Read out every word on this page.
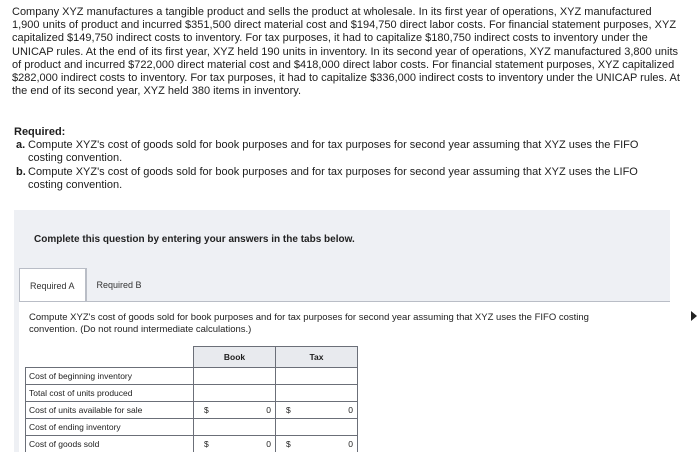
Company XYZ manufactures a tangible product and sells the product at wholesale. In its first year of operations, XYZ manufactured 1,900 units of product and incurred $351,500 direct material cost and $194,750 direct labor costs. For financial statement purposes, XYZ capitalized $149,750 indirect costs to inventory. For tax purposes, it had to capitalize $180,750 indirect costs to inventory under the UNICAP rules. At the end of its first year, XYZ held 190 units in inventory. In its second year of operations, XYZ manufactured 3,800 units of product and incurred $722,000 direct material cost and $418,000 direct labor costs. For financial statement purposes, XYZ capitalized $282,000 indirect costs to inventory. For tax purposes, it had to capitalize $336,000 indirect costs to inventory under the UNICAP rules. At the end of its second year, XYZ held 380 items in inventory.
Required:
a. Compute XYZ's cost of goods sold for book purposes and for tax purposes for second year assuming that XYZ uses the FIFO costing convention.
b. Compute XYZ's cost of goods sold for book purposes and for tax purposes for second year assuming that XYZ uses the LIFO costing convention.
Complete this question by entering your answers in the tabs below.
Required A	Required B
Compute XYZ's cost of goods sold for book purposes and for tax purposes for second year assuming that XYZ uses the FIFO costing convention. (Do not round intermediate calculations.)
	Book	Tax
Cost of beginning inventory	

Total cost of units produced	

Cost of units available for sale	$ 0	$ 0

Cost of ending inventory	

Cost of goods sold	$ 0	$ 0
